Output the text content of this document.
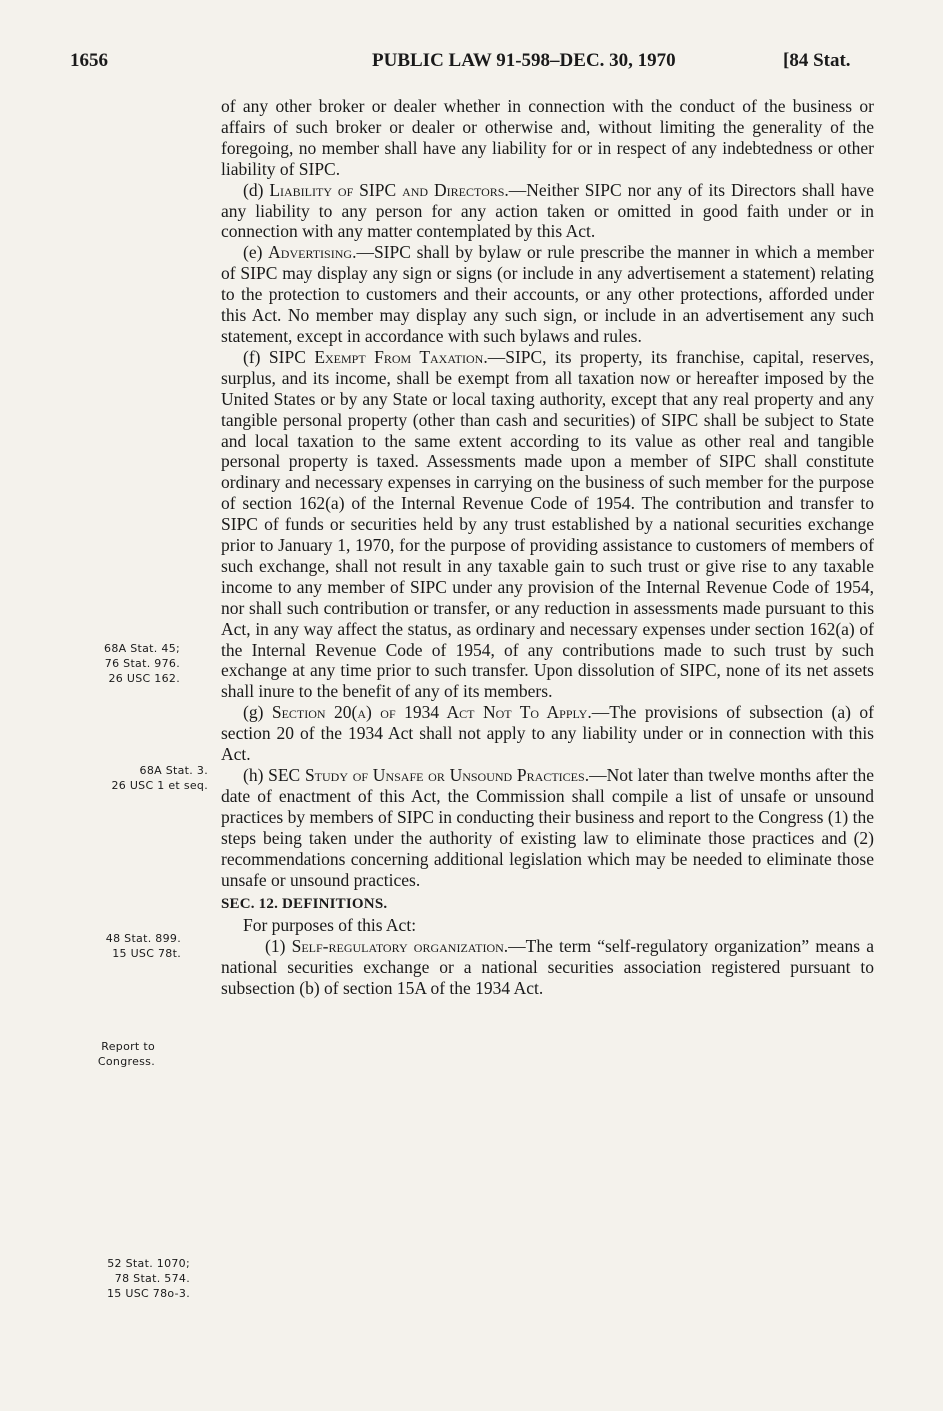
1656	PUBLIC LAW 91-598–DEC. 30, 1970	[84 Stat.
68A Stat. 45;
76 Stat. 976.
26 USC 162.
68A Stat. 3.
26 USC 1 et seq.
48 Stat. 899.
15 USC 78t.
Report to
Congress.
52 Stat. 1070;
78 Stat. 574.
15 USC 78o-3.

of any other broker or dealer whether in connection with the conduct of the business or affairs of such broker or dealer or otherwise and, without limiting the generality of the foregoing, no member shall have any liability for or in respect of any indebtedness or other liability of SIPC.

(d) Liability of SIPC and Directors.—Neither SIPC nor any of its Directors shall have any liability to any person for any action taken or omitted in good faith under or in connection with any matter contemplated by this Act.

(e) Advertising.—SIPC shall by bylaw or rule prescribe the manner in which a member of SIPC may display any sign or signs (or include in any advertisement a statement) relating to the protection to customers and their accounts, or any other protections, afforded under this Act. No member may display any such sign, or include in an advertisement any such statement, except in accordance with such bylaws and rules.

(f) SIPC Exempt From Taxation.—SIPC, its property, its franchise, capital, reserves, surplus, and its income, shall be exempt from all taxation now or hereafter imposed by the United States or by any State or local taxing authority, except that any real property and any tangible personal property (other than cash and securities) of SIPC shall be subject to State and local taxation to the same extent according to its value as other real and tangible personal property is taxed. Assessments made upon a member of SIPC shall constitute ordinary and necessary expenses in carrying on the business of such member for the purpose of section 162(a) of the Internal Revenue Code of 1954. The contribution and transfer to SIPC of funds or securities held by any trust established by a national securities exchange prior to January 1, 1970, for the purpose of providing assistance to customers of members of such exchange, shall not result in any taxable gain to such trust or give rise to any taxable income to any member of SIPC under any provision of the Internal Revenue Code of 1954, nor shall such contribution or transfer, or any reduction in assessments made pursuant to this Act, in any way affect the status, as ordinary and necessary expenses under section 162(a) of the Internal Revenue Code of 1954, of any contributions made to such trust by such exchange at any time prior to such transfer. Upon dissolution of SIPC, none of its net assets shall inure to the benefit of any of its members.

(g) Section 20(a) of 1934 Act Not To Apply.—The provisions of subsection (a) of section 20 of the 1934 Act shall not apply to any liability under or in connection with this Act.

(h) SEC Study of Unsafe or Unsound Practices.—Not later than twelve months after the date of enactment of this Act, the Commission shall compile a list of unsafe or unsound practices by members of SIPC in conducting their business and report to the Congress (1) the steps being taken under the authority of existing law to eliminate those practices and (2) recommendations concerning additional legislation which may be needed to eliminate those unsafe or unsound practices.

SEC. 12. DEFINITIONS.

For purposes of this Act:

(1) Self-regulatory organization.—The term “self-regulatory organization” means a national securities exchange or a national securities association registered pursuant to subsection (b) of section 15A of the 1934 Act.
